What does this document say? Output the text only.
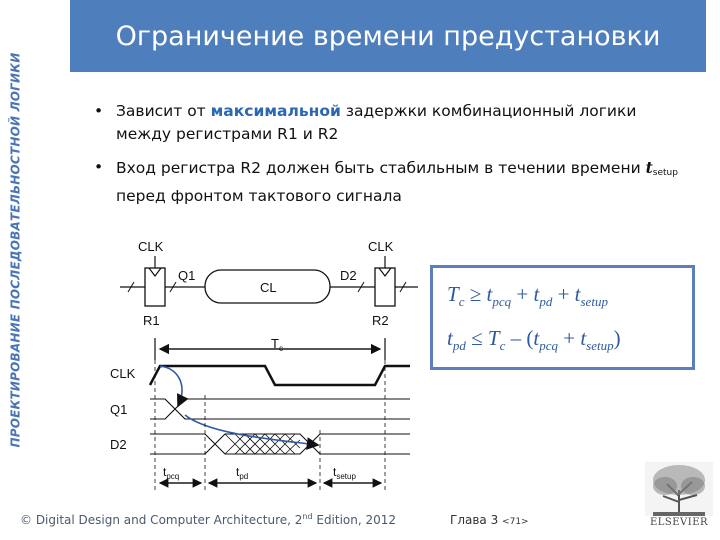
ПРОЕКТИРОВАНИЕ ПОСЛЕДОВАТЕЛЬНОСТНОЙ ЛОГИКИ
Ограничение времени предустановки
• Зависит от максимальной задержки комбинационный логики между регистрами R1 и R2
• Вход регистра R2 должен быть стабильным в течении времени $t_{setup}$ перед фронтом тактового сигнала
CLK	CLK
Q1
CL
D2
R1	R2
$T_c$
CLK
Q1
D2
$t_{pcq}$	$t_{pd}$	$t_{setup}$
$T_c \ge t_{pcq} + t_{pd} + t_{setup}$
$t_{pd} \le T_c - (t_{pcq} + t_{setup})$
© Digital Design and Computer Architecture, 2nd Edition, 2012	Глава 3 <71>	ELSEVIER
